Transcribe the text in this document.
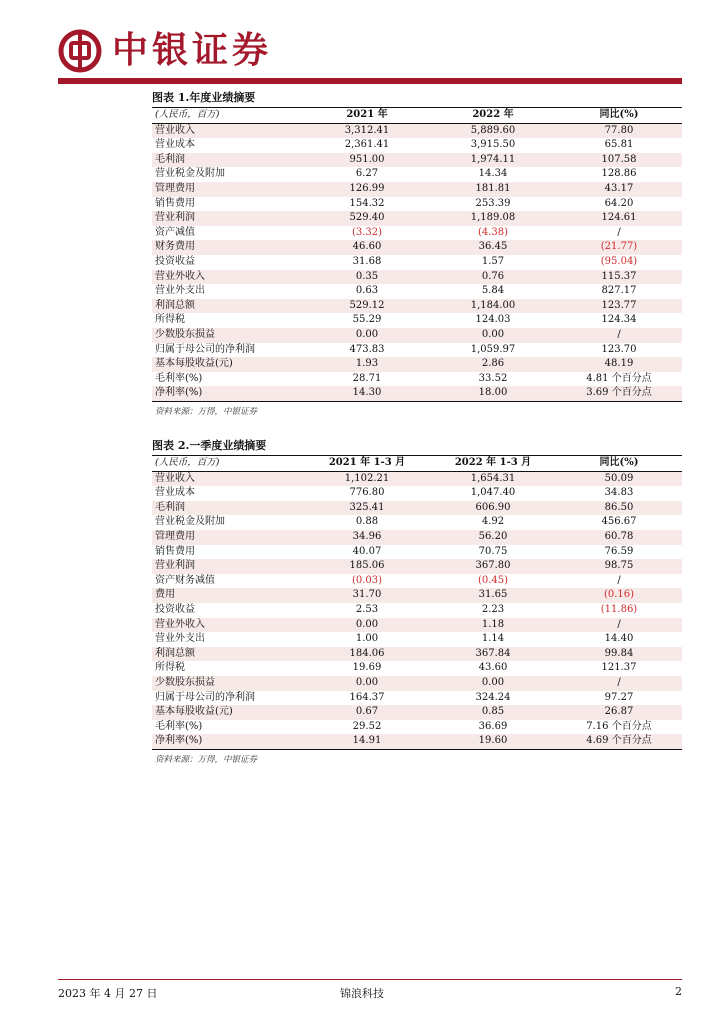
中银证券
图表 1.年度业绩摘要
(人民币，百万)	2021 年	2022 年	同比(%)
营业收入	3,312.41	5,889.60	77.80
营业成本	2,361.41	3,915.50	65.81
毛利润	951.00	1,974.11	107.58
营业税金及附加	6.27	14.34	128.86
管理费用	126.99	181.81	43.17
销售费用	154.32	253.39	64.20
营业利润	529.40	1,189.08	124.61
资产减值	(3.32)	(4.38)	/
财务费用	46.60	36.45	(21.77)
投资收益	31.68	1.57	(95.04)
营业外收入	0.35	0.76	115.37
营业外支出	0.63	5.84	827.17
利润总额	529.12	1,184.00	123.77
所得税	55.29	124.03	124.34
少数股东损益	0.00	0.00	/
归属于母公司的净利润	473.83	1,059.97	123.70
基本每股收益(元)	1.93	2.86	48.19
毛利率(%)	28.71	33.52	4.81 个百分点
净利率(%)	14.30	18.00	3.69 个百分点
资料来源：万得，中银证券
图表 2.一季度业绩摘要
(人民币，百万)	2021 年 1-3 月	2022 年 1-3 月	同比(%)
营业收入	1,102.21	1,654.31	50.09
营业成本	776.80	1,047.40	34.83
毛利润	325.41	606.90	86.50
营业税金及附加	0.88	4.92	456.67
管理费用	34.96	56.20	60.78
销售费用	40.07	70.75	76.59
营业利润	185.06	367.80	98.75
资产财务减值	(0.03)	(0.45)	/
费用	31.70	31.65	(0.16)
投资收益	2.53	2.23	(11.86)
营业外收入	0.00	1.18	/
营业外支出	1.00	1.14	14.40
利润总额	184.06	367.84	99.84
所得税	19.69	43.60	121.37
少数股东损益	0.00	0.00	/
归属于母公司的净利润	164.37	324.24	97.27
基本每股收益(元)	0.67	0.85	26.87
毛利率(%)	29.52	36.69	7.16 个百分点
净利率(%)	14.91	19.60	4.69 个百分点
资料来源：万得，中银证券
2023 年 4 月 27 日	锦浪科技	2
